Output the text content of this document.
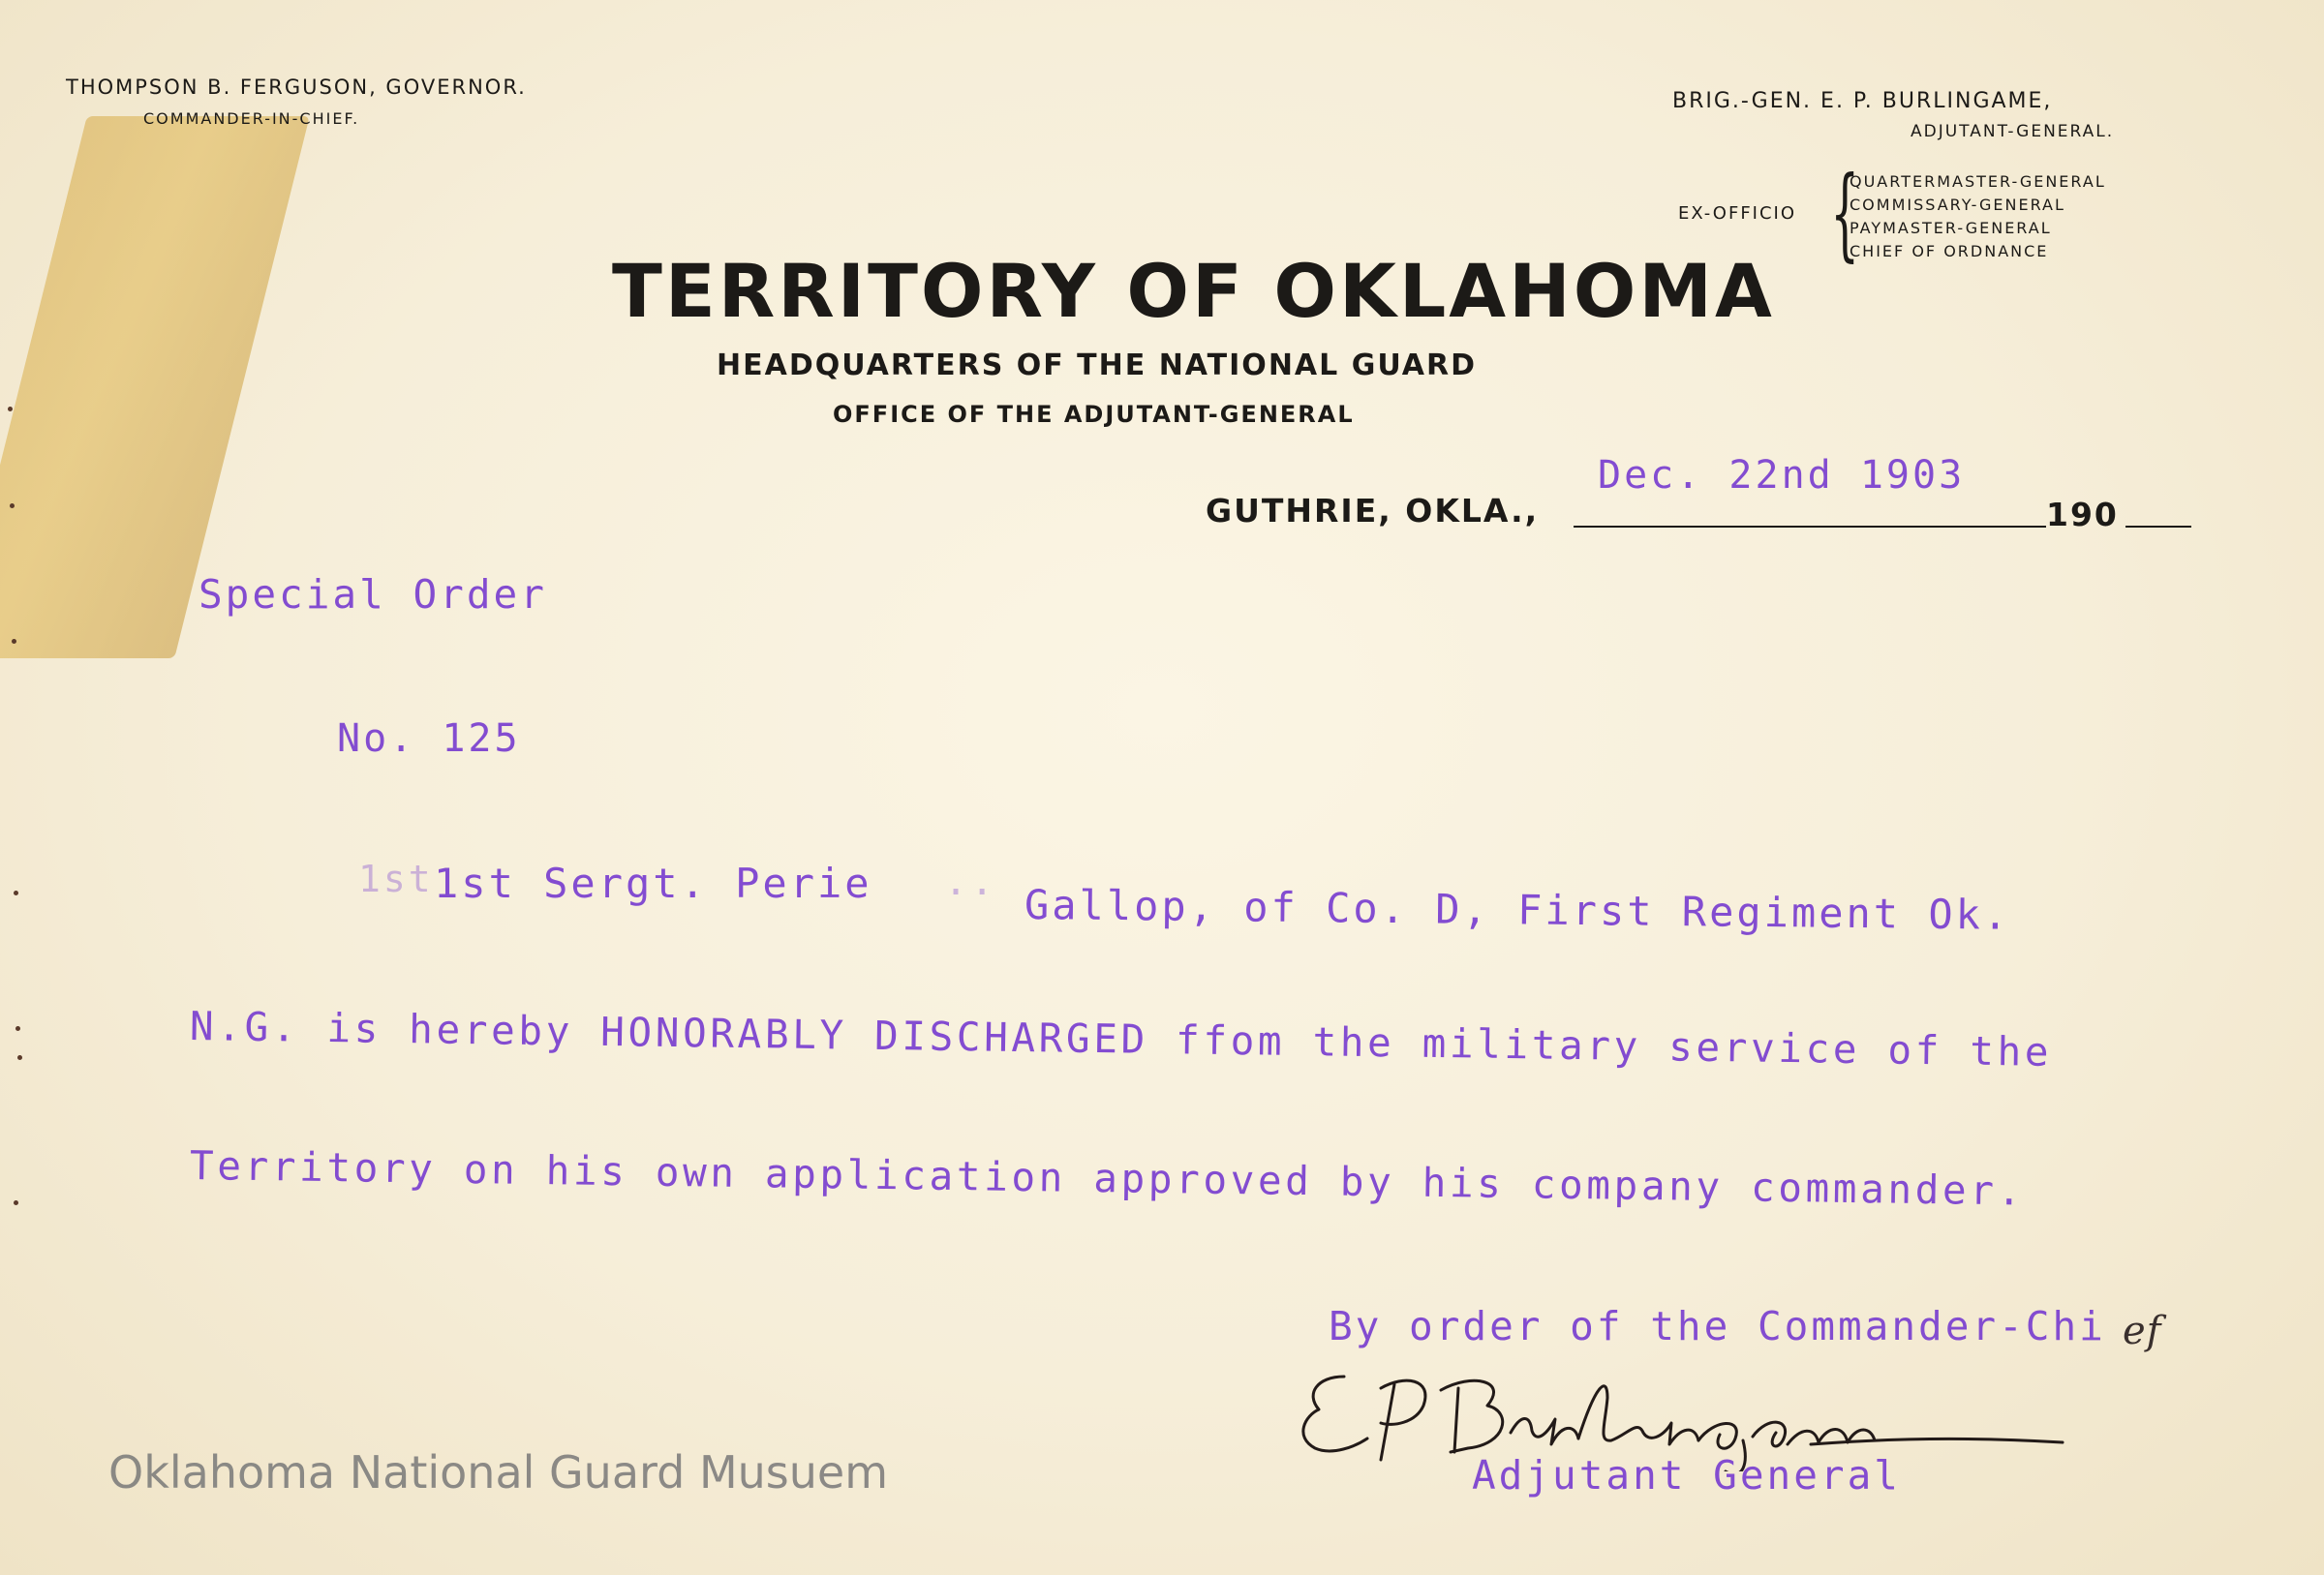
THOMPSON B. FERGUSON, GOVERNOR.
COMMANDER-IN-CHIEF.
BRIG.-GEN. E. P. BURLINGAME,
ADJUTANT-GENERAL.
EX-OFFICIO {
QUARTERMASTER-GENERAL
COMMISSARY-GENERAL
PAYMASTER-GENERAL
CHIEF OF ORDNANCE
TERRITORY OF OKLAHOMA
HEADQUARTERS OF THE NATIONAL GUARD
OFFICE OF THE ADJUTANT-GENERAL
GUTHRIE, OKLA.,
Dec. 22nd 1903
190
Special Order
No. 125
1st 1st Sergt. Perie .. Gallop, of Co. D, First Regiment Ok.
N.G. is hereby HONORABLY DISCHARGED ffom the military service of the
Territory on his own application approved by his company commander.
By order of the Commander-Chi ef
Adjutant General
Oklahoma National Guard Musuem
